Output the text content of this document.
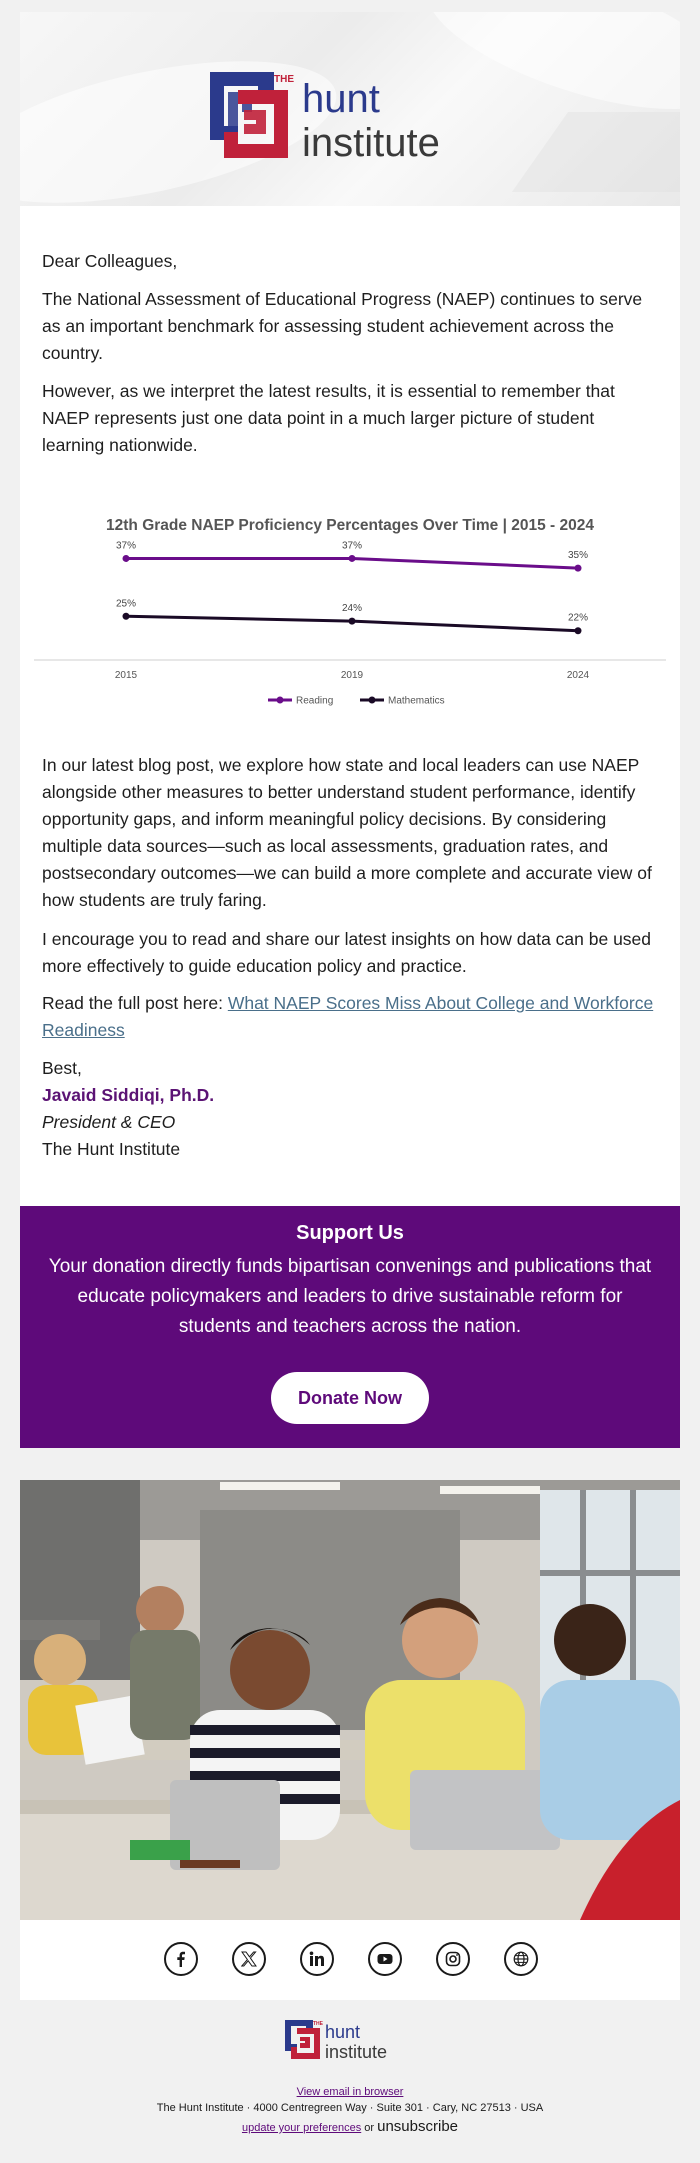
THE hunt
institute
Dear Colleagues,
The National Assessment of Educational Progress (NAEP) continues to serve as an important benchmark for assessing student achievement across the country.
However, as we interpret the latest results, it is essential to remember that NAEP represents just one data point in a much larger picture of student learning nationwide.
12th Grade NAEP Proficiency Percentages Over Time | 2015 - 2024
37%	37%
35%
25%	24%
22%
2015	2019	2024
Reading	Mathematics
In our latest blog post, we explore how state and local leaders can use NAEP alongside other measures to better understand student performance, identify opportunity gaps, and inform meaningful policy decisions. By considering multiple data sources—such as local assessments, graduation rates, and postsecondary outcomes—we can build a more complete and accurate view of how students are truly faring.
I encourage you to read and share our latest insights on how data can be used more effectively to guide education policy and practice.
Read the full post here: What NAEP Scores Miss About College and Workforce Readiness
Best,
Javaid Siddiqi, Ph.D.
President & CEO
The Hunt Institute
Support Us
Your donation directly funds bipartisan convenings and publications that educate policymakers and leaders to drive sustainable reform for students and teachers across the nation.
Donate Now
THE hunt
institute
View email in browser
The Hunt Institute · 4000 Centregreen Way · Suite 301 · Cary, NC 27513 · USA
update your preferences or unsubscribe
